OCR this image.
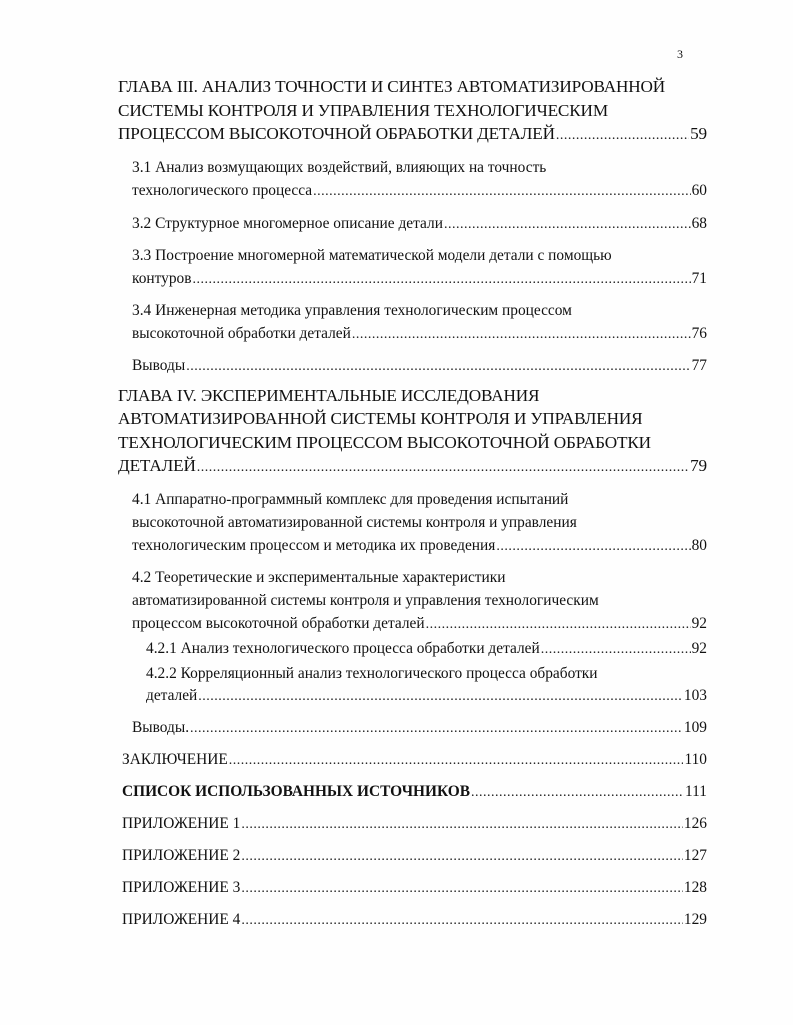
3
ГЛАВА III. АНАЛИЗ ТОЧНОСТИ И СИНТЕЗ АВТОМАТИЗИРОВАННОЙ
СИСТЕМЫ КОНТРОЛЯ И УПРАВЛЕНИЯ ТЕХНОЛОГИЧЕСКИМ
ПРОЦЕССОМ ВЫСОКОТОЧНОЙ ОБРАБОТКИ ДЕТАЛЕЙ .....	59
3.1 Анализ возмущающих воздействий, влияющих на точность
технологического процесса .....	60
3.2 Структурное многомерное описание детали .....	68
3.3 Построение многомерной математической модели детали с помощью
контуров .....	71
3.4 Инженерная методика управления технологическим процессом
высокоточной обработки деталей .....	76
Выводы .....	77
ГЛАВА IV. ЭКСПЕРИМЕНТАЛЬНЫЕ ИССЛЕДОВАНИЯ
АВТОМАТИЗИРОВАННОЙ СИСТЕМЫ КОНТРОЛЯ И УПРАВЛЕНИЯ
ТЕХНОЛОГИЧЕСКИМ ПРОЦЕССОМ ВЫСОКОТОЧНОЙ ОБРАБОТКИ
ДЕТАЛЕЙ .....	79
4.1 Аппаратно-программный комплекс для проведения испытаний
высокоточной автоматизированной системы контроля и управления
технологическим процессом и методика их проведения .....	80
4.2 Теоретические и экспериментальные характеристики
автоматизированной системы контроля и управления технологическим
процессом высокоточной обработки деталей .....	92
4.2.1 Анализ технологического процесса обработки деталей .....	92
4.2.2 Корреляционный анализ технологического процесса обработки
деталей .....	103
Выводы. .....	109
ЗАКЛЮЧЕНИЕ .....	110
СПИСОК ИСПОЛЬЗОВАННЫХ ИСТОЧНИКОВ .....	111
ПРИЛОЖЕНИЕ 1 .....	126
ПРИЛОЖЕНИЕ 2 .....	127
ПРИЛОЖЕНИЕ 3 .....	128
ПРИЛОЖЕНИЕ 4 .....	129
